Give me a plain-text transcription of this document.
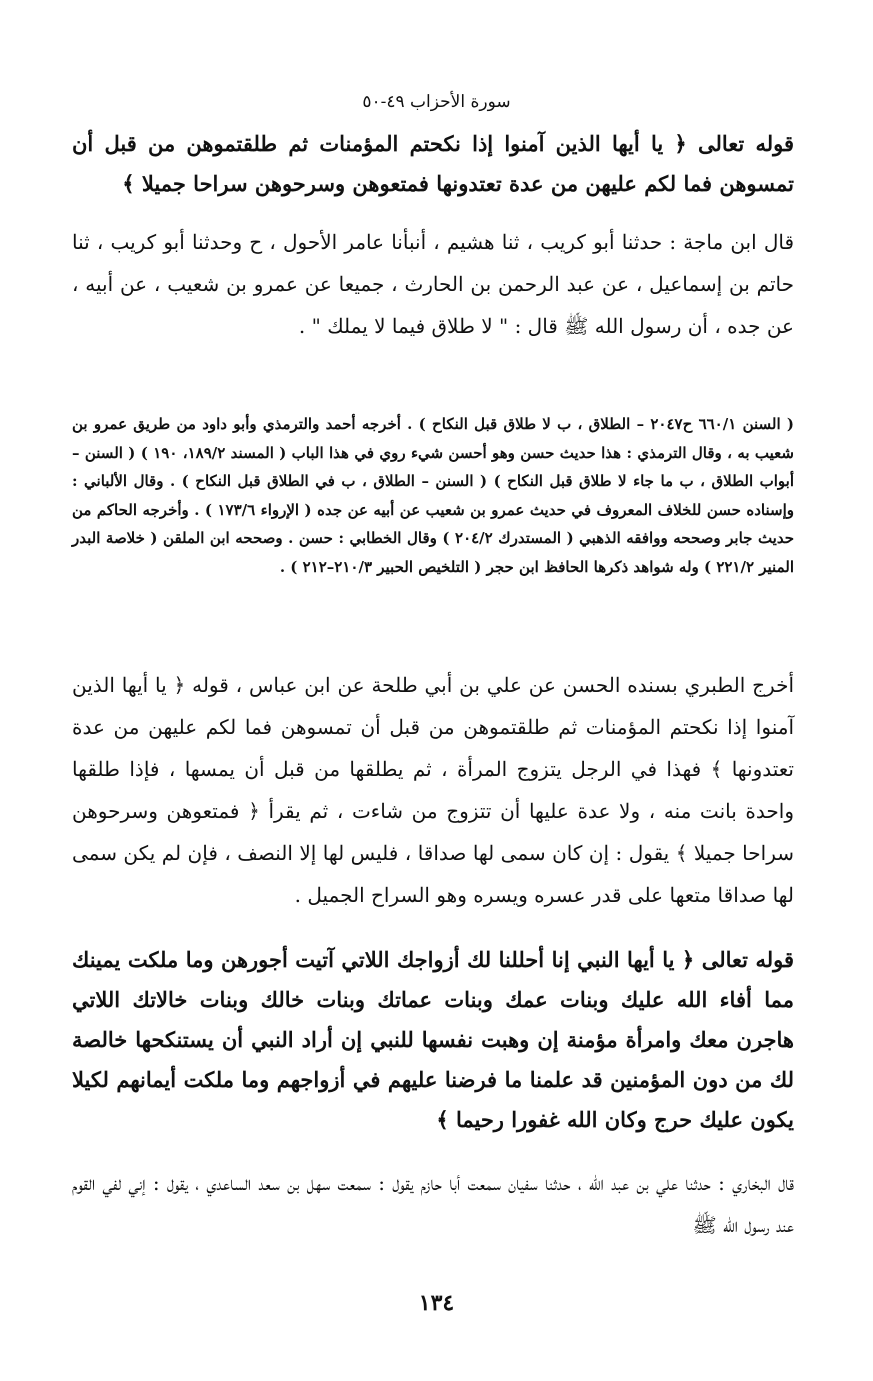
سورة الأحزاب ٤٩-٥٠

قوله تعالى ﴿ يا أيها الذين آمنوا إذا نكحتم المؤمنات ثم طلقتموهن من قبل أن تمسوهن فما لكم عليهن من عدة تعتدونها فمتعوهن وسرحوهن سراحا جميلا ﴾

قال ابن ماجة : حدثنا أبو كريب ، ثنا هشيم ، أنبأنا عامر الأحول ، ح وحدثنا أبو كريب ، ثنا حاتم بن إسماعيل ، عن عبد الرحمن بن الحارث ، جميعا عن عمرو بن شعيب ، عن أبيه ، عن جده ، أن رسول الله ﷺ قال : " لا طلاق فيما لا يملك " .

( السنن ٦٦٠/١ ح٢٠٤٧ – الطلاق ، ب لا طلاق قبل النكاح ) . أخرجه أحمد والترمذي وأبو داود من طريق عمرو بن شعيب به ، وقال الترمذي : هذا حديث حسن وهو أحسن شيء روي في هذا الباب ( المسند ١٨٩/٢، ١٩٠ ) ( السنن – أبواب الطلاق ، ب ما جاء لا طلاق قبل النكاح ) ( السنن – الطلاق ، ب في الطلاق قبل النكاح ) . وقال الألباني : وإسناده حسن للخلاف المعروف في حديث عمرو بن شعيب عن أبيه عن جده ( الإرواء ١٧٣/٦ ) . وأخرجه الحاكم من حديث جابر وصححه ووافقه الذهبي ( المستدرك ٢٠٤/٢ ) وقال الخطابي : حسن . وصححه ابن الملقن ( خلاصة البدر المنير ٢٢١/٢ ) وله شواهد ذكرها الحافظ ابن حجر ( التلخيص الحبير ٢١٠/٣–٢١٢ ) .

أخرج الطبري بسنده الحسن عن علي بن أبي طلحة عن ابن عباس ، قوله ﴿ يا أيها الذين آمنوا إذا نكحتم المؤمنات ثم طلقتموهن من قبل أن تمسوهن فما لكم عليهن من عدة تعتدونها ﴾ فهذا في الرجل يتزوج المرأة ، ثم يطلقها من قبل أن يمسها ، فإذا طلقها واحدة بانت منه ، ولا عدة عليها أن تتزوج من شاءت ، ثم يقرأ ﴿ فمتعوهن وسرحوهن سراحا جميلا ﴾ يقول : إن كان سمى لها صداقا ، فليس لها إلا النصف ، فإن لم يكن سمى لها صداقا متعها على قدر عسره ويسره وهو السراح الجميل .

قوله تعالى ﴿ يا أيها النبي إنا أحللنا لك أزواجك اللاتي آتيت أجورهن وما ملكت يمينك مما أفاء الله عليك وبنات عمك وبنات عماتك وبنات خالك وبنات خالاتك اللاتي هاجرن معك وامرأة مؤمنة إن وهبت نفسها للنبي إن أراد النبي أن يستنكحها خالصة لك من دون المؤمنين قد علمنا ما فرضنا عليهم في أزواجهم وما ملكت أيمانهم لكيلا يكون عليك حرج وكان الله غفورا رحيما ﴾

قال البخاري : حدثنا علي بن عبد الله ، حدثنا سفيان سمعت أبا حازم يقول : سمعت سهل بن سعد الساعدي ، يقول : إني لفي القوم عند رسول الله ﷺ

١٣٤
